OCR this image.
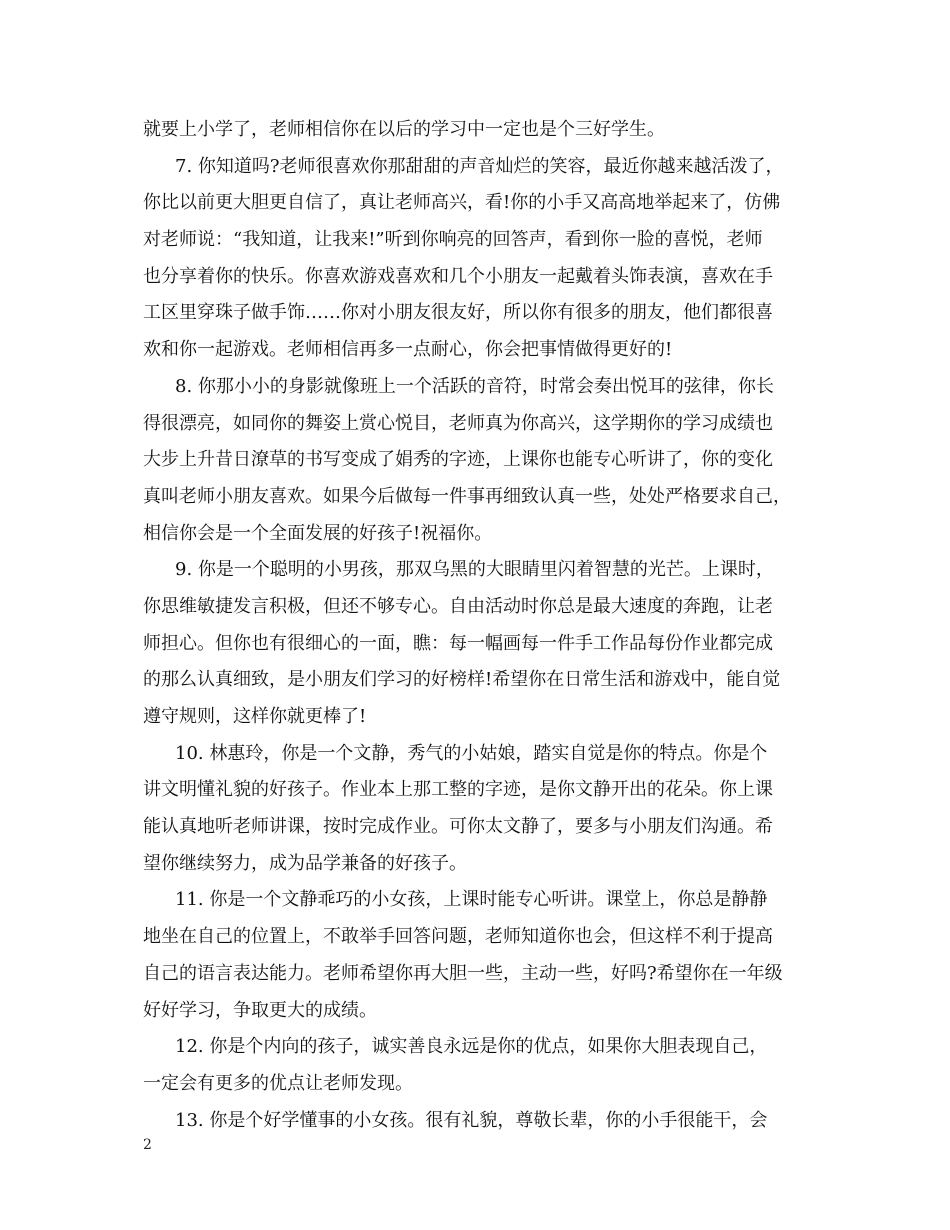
就要上小学了，老师相信你在以后的学习中一定也是个三好学生。
7. 你知道吗?老师很喜欢你那甜甜的声音灿烂的笑容，最近你越来越活泼了，
你比以前更大胆更自信了，真让老师高兴，看!你的小手又高高地举起来了，仿佛
对老师说：“我知道，让我来!”听到你响亮的回答声，看到你一脸的喜悦，老师
也分享着你的快乐。你喜欢游戏喜欢和几个小朋友一起戴着头饰表演，喜欢在手
工区里穿珠子做手饰……你对小朋友很友好，所以你有很多的朋友，他们都很喜
欢和你一起游戏。老师相信再多一点耐心，你会把事情做得更好的!
8. 你那小小的身影就像班上一个活跃的音符，时常会奏出悦耳的弦律，你长
得很漂亮，如同你的舞姿上赏心悦目，老师真为你高兴，这学期你的学习成绩也
大步上升昔日潦草的书写变成了娟秀的字迹，上课你也能专心听讲了，你的变化
真叫老师小朋友喜欢。如果今后做每一件事再细致认真一些，处处严格要求自己，
相信你会是一个全面发展的好孩子!祝福你。
9. 你是一个聪明的小男孩，那双乌黑的大眼睛里闪着智慧的光芒。上课时，
你思维敏捷发言积极，但还不够专心。自由活动时你总是最大速度的奔跑，让老
师担心。但你也有很细心的一面，瞧：每一幅画每一件手工作品每份作业都完成
的那么认真细致，是小朋友们学习的好榜样!希望你在日常生活和游戏中，能自觉
遵守规则，这样你就更棒了!
10. 林惠玲，你是一个文静，秀气的小姑娘，踏实自觉是你的特点。你是个
讲文明懂礼貌的好孩子。作业本上那工整的字迹，是你文静开出的花朵。你上课
能认真地听老师讲课，按时完成作业。可你太文静了，要多与小朋友们沟通。希
望你继续努力，成为品学兼备的好孩子。
11. 你是一个文静乖巧的小女孩，上课时能专心听讲。课堂上，你总是静静
地坐在自己的位置上，不敢举手回答问题，老师知道你也会，但这样不利于提高
自己的语言表达能力。老师希望你再大胆一些，主动一些，好吗?希望你在一年级
好好学习，争取更大的成绩。
12. 你是个内向的孩子，诚实善良永远是你的优点，如果你大胆表现自己，
一定会有更多的优点让老师发现。
13. 你是个好学懂事的小女孩。很有礼貌，尊敬长辈，你的小手很能干，会
2
